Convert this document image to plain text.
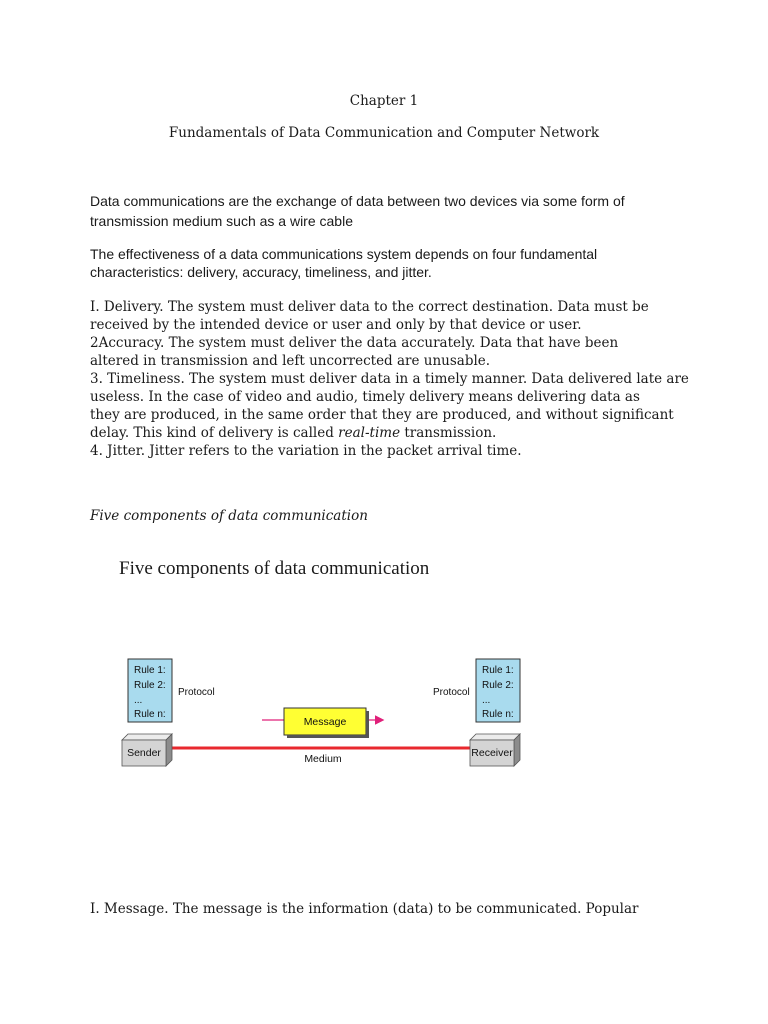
Chapter 1
Fundamentals of Data Communication and Computer Network
Data communications are the exchange of data between two devices via some form of
transmission medium such as a wire cable
The effectiveness of a data communications system depends on four fundamental
characteristics: delivery, accuracy, timeliness, and jitter.
I. Delivery. The system must deliver data to the correct destination. Data must be
received by the intended device or user and only by that device or user.
2Accuracy. The system must deliver the data accurately. Data that have been
altered in transmission and left uncorrected are unusable.
3. Timeliness. The system must deliver data in a timely manner. Data delivered late are
useless. In the case of video and audio, timely delivery means delivering data as
they are produced, in the same order that they are produced, and without significant
delay. This kind of delivery is called real-time transmission.
4. Jitter. Jitter refers to the variation in the packet arrival time.
Five components of data communication
Five components of data communication
Rule 1:
Rule 2:
...
Rule n:
Rule 1:
Rule 2:
...
Rule n:
Protocol	Protocol
Message
Medium
Sender	Receiver
I. Message. The message is the information (data) to be communicated. Popular
